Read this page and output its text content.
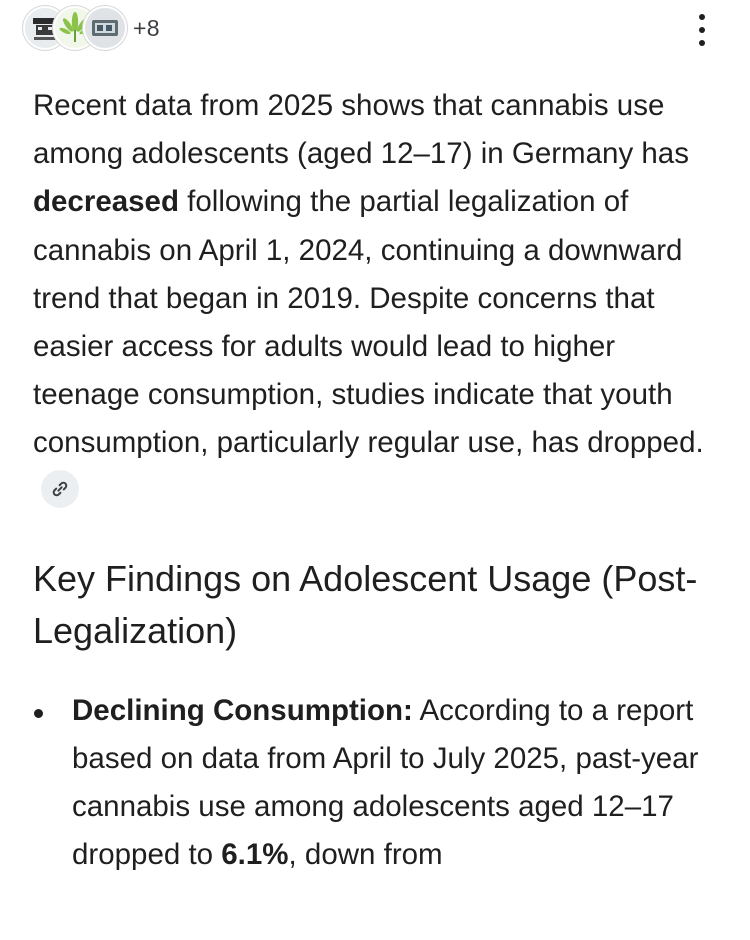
+8

Recent data from 2025 shows that cannabis use among adolescents (aged 12–17) in Germany has decreased following the partial legalization of cannabis on April 1, 2024, continuing a downward trend that began in 2019. Despite concerns that easier access for adults would lead to higher teenage consumption, studies indicate that youth consumption, particularly regular use, has dropped.

Key Findings on Adolescent Usage (Post-Legalization)
Declining Consumption: According to a report based on data from April to July 2025, past-year cannabis use among adolescents aged 12–17 dropped to 6.1%, down from
